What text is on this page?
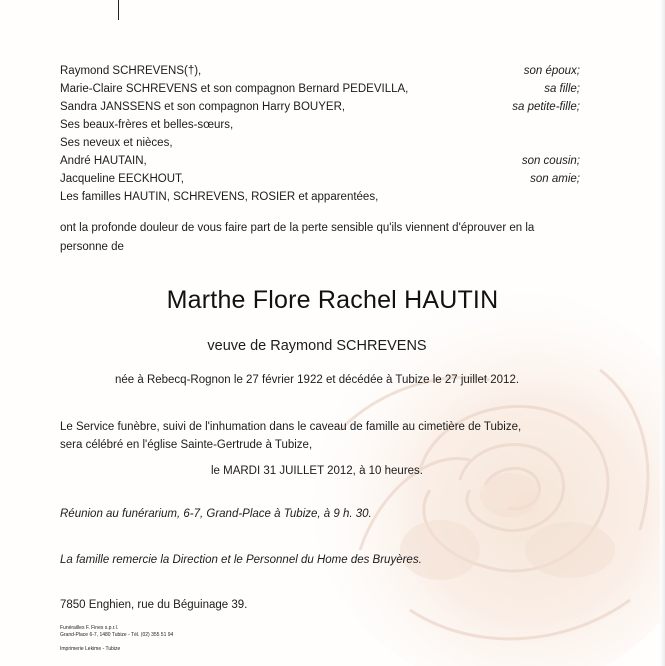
Raymond SCHREVENS(†),	son époux;
Marie-Claire SCHREVENS et son compagnon Bernard PEDEVILLA,	sa fille;
Sandra JANSSENS et son compagnon Harry BOUYER,	sa petite-fille;
Ses beaux-frères et belles-sœurs,
Ses neveux et nièces,
André HAUTAIN,	son cousin;
Jacqueline EECKHOUT,	son amie;
Les familles HAUTIN, SCHREVENS, ROSIER et apparentées,
ont la profonde douleur de vous faire part de la perte sensible qu'ils viennent d'éprouver en la
personne de
Marthe Flore Rachel HAUTIN
veuve de Raymond SCHREVENS
née à Rebecq-Rognon le 27 février 1922 et décédée à Tubize le 27 juillet 2012.
Le Service funèbre, suivi de l'inhumation dans le caveau de famille au cimetière de Tubize,
sera célébré en l'église Sainte-Gertrude à Tubize,
le MARDI 31 JUILLET 2012, à 10 heures.
Réunion au funérarium, 6-7, Grand-Place à Tubize, à 9 h. 30.
La famille remercie la Direction et le Personnel du Home des Bruyères.
7850 Enghien, rue du Béguinage 39.
Funérailles F. Fines s.p.r.l.
Grand-Place 6-7, 1480 Tubize - Tél. (02) 355 51 94
Imprimerie Lekime - Tubize
